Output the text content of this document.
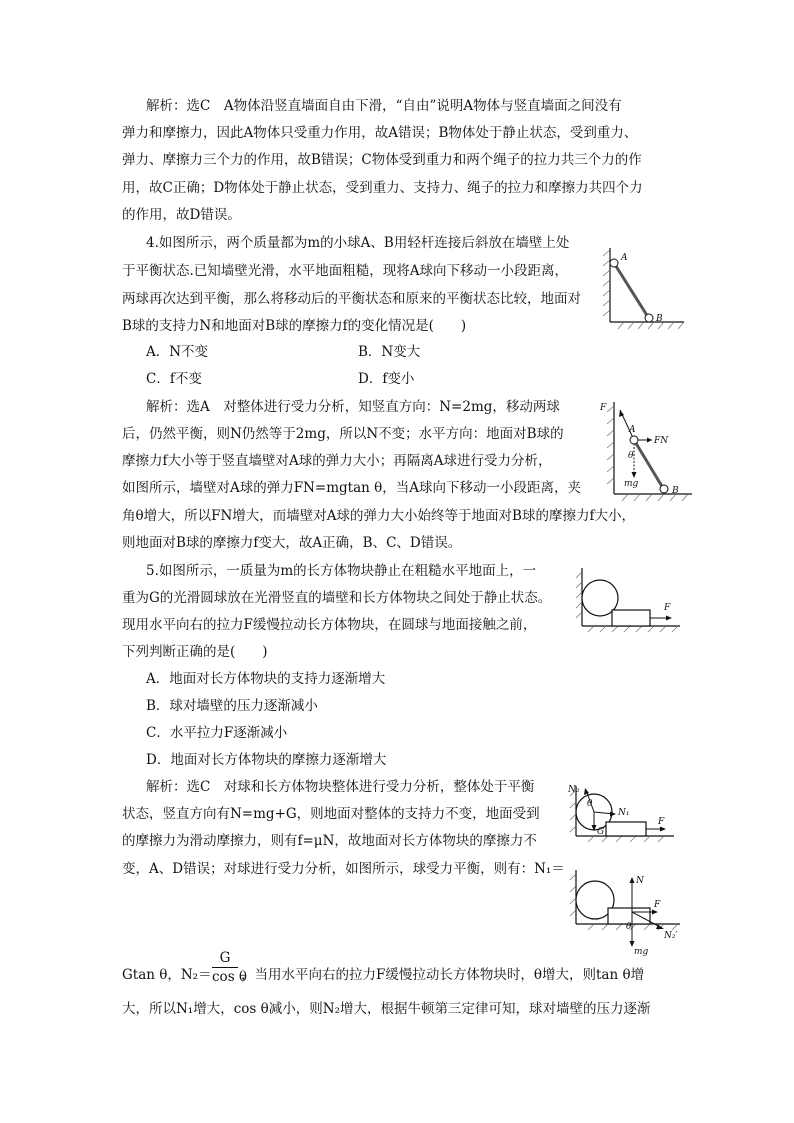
解析：选C　A物体沿竖直墙面自由下滑，“自由”说明A物体与竖直墙面之间没有
弹力和摩擦力，因此A物体只受重力作用，故A错误；B物体处于静止状态，受到重力、
弹力、摩擦力三个力的作用，故B错误；C物体受到重力和两个绳子的拉力共三个力的作
用，故C正确；D物体处于静止状态，受到重力、支持力、绳子的拉力和摩擦力共四个力
的作用，故D错误。
4.如图所示，两个质量都为m的小球A、B用轻杆连接后斜放在墙壁上处
于平衡状态.已知墙壁光滑，水平地面粗糙，现将A球向下移动一小段距离，
两球再次达到平衡，那么将移动后的平衡状态和原来的平衡状态比较，地面对
B球的支持力N和地面对B球的摩擦力f的变化情况是(　　)
A．N不变	B．N变大
C．f不变	D．f变小
A
B
解析：选A　对整体进行受力分析，知竖直方向：N=2mg，移动两球
后，仍然平衡，则N仍然等于2mg，所以N不变；水平方向：地面对B球的
摩擦力f大小等于竖直墙壁对A球的弹力大小；再隔离A球进行受力分析，
如图所示，墙壁对A球的弹力FN=mgtan θ，当A球向下移动一小段距离，夹
角θ增大，所以FN增大，而墙壁对A球的弹力大小始终等于地面对B球的摩擦力f大小，
则地面对B球的摩擦力f变大，故A正确，B、C、D错误。
F
A
FN
θ
mg
B
5.如图所示，一质量为m的长方体物块静止在粗糙水平地面上，一
重为G的光滑圆球放在光滑竖直的墙壁和长方体物块之间处于静止状态。
现用水平向右的拉力F缓慢拉动长方体物块，在圆球与地面接触之前，
下列判断正确的是(　　)
A．地面对长方体物块的支持力逐渐增大
B．球对墙壁的压力逐渐减小
C．水平拉力F逐渐减小
D．地面对长方体物块的摩擦力逐渐增大
F
解析：选C　对球和长方体物块整体进行受力分析，整体处于平衡
状态，竖直方向有N=mg+G，则地面对整体的支持力不变，地面受到
的摩擦力为滑动摩擦力，则有f=μN，故地面对长方体物块的摩擦力不
变，A、D错误；对球进行受力分析，如图所示，球受力平衡，则有：N₁＝
Gtan θ，N₂＝
G
cos θ
，当用水平向右的拉力F缓慢拉动长方体物块时，θ增大，则tan θ增
大，所以N₁增大，cos θ减小，则N₂增大，根据牛顿第三定律可知，球对墙壁的压力逐渐
N₂
θ
N₁
G
F
N
F
θ
N₂′
mg
